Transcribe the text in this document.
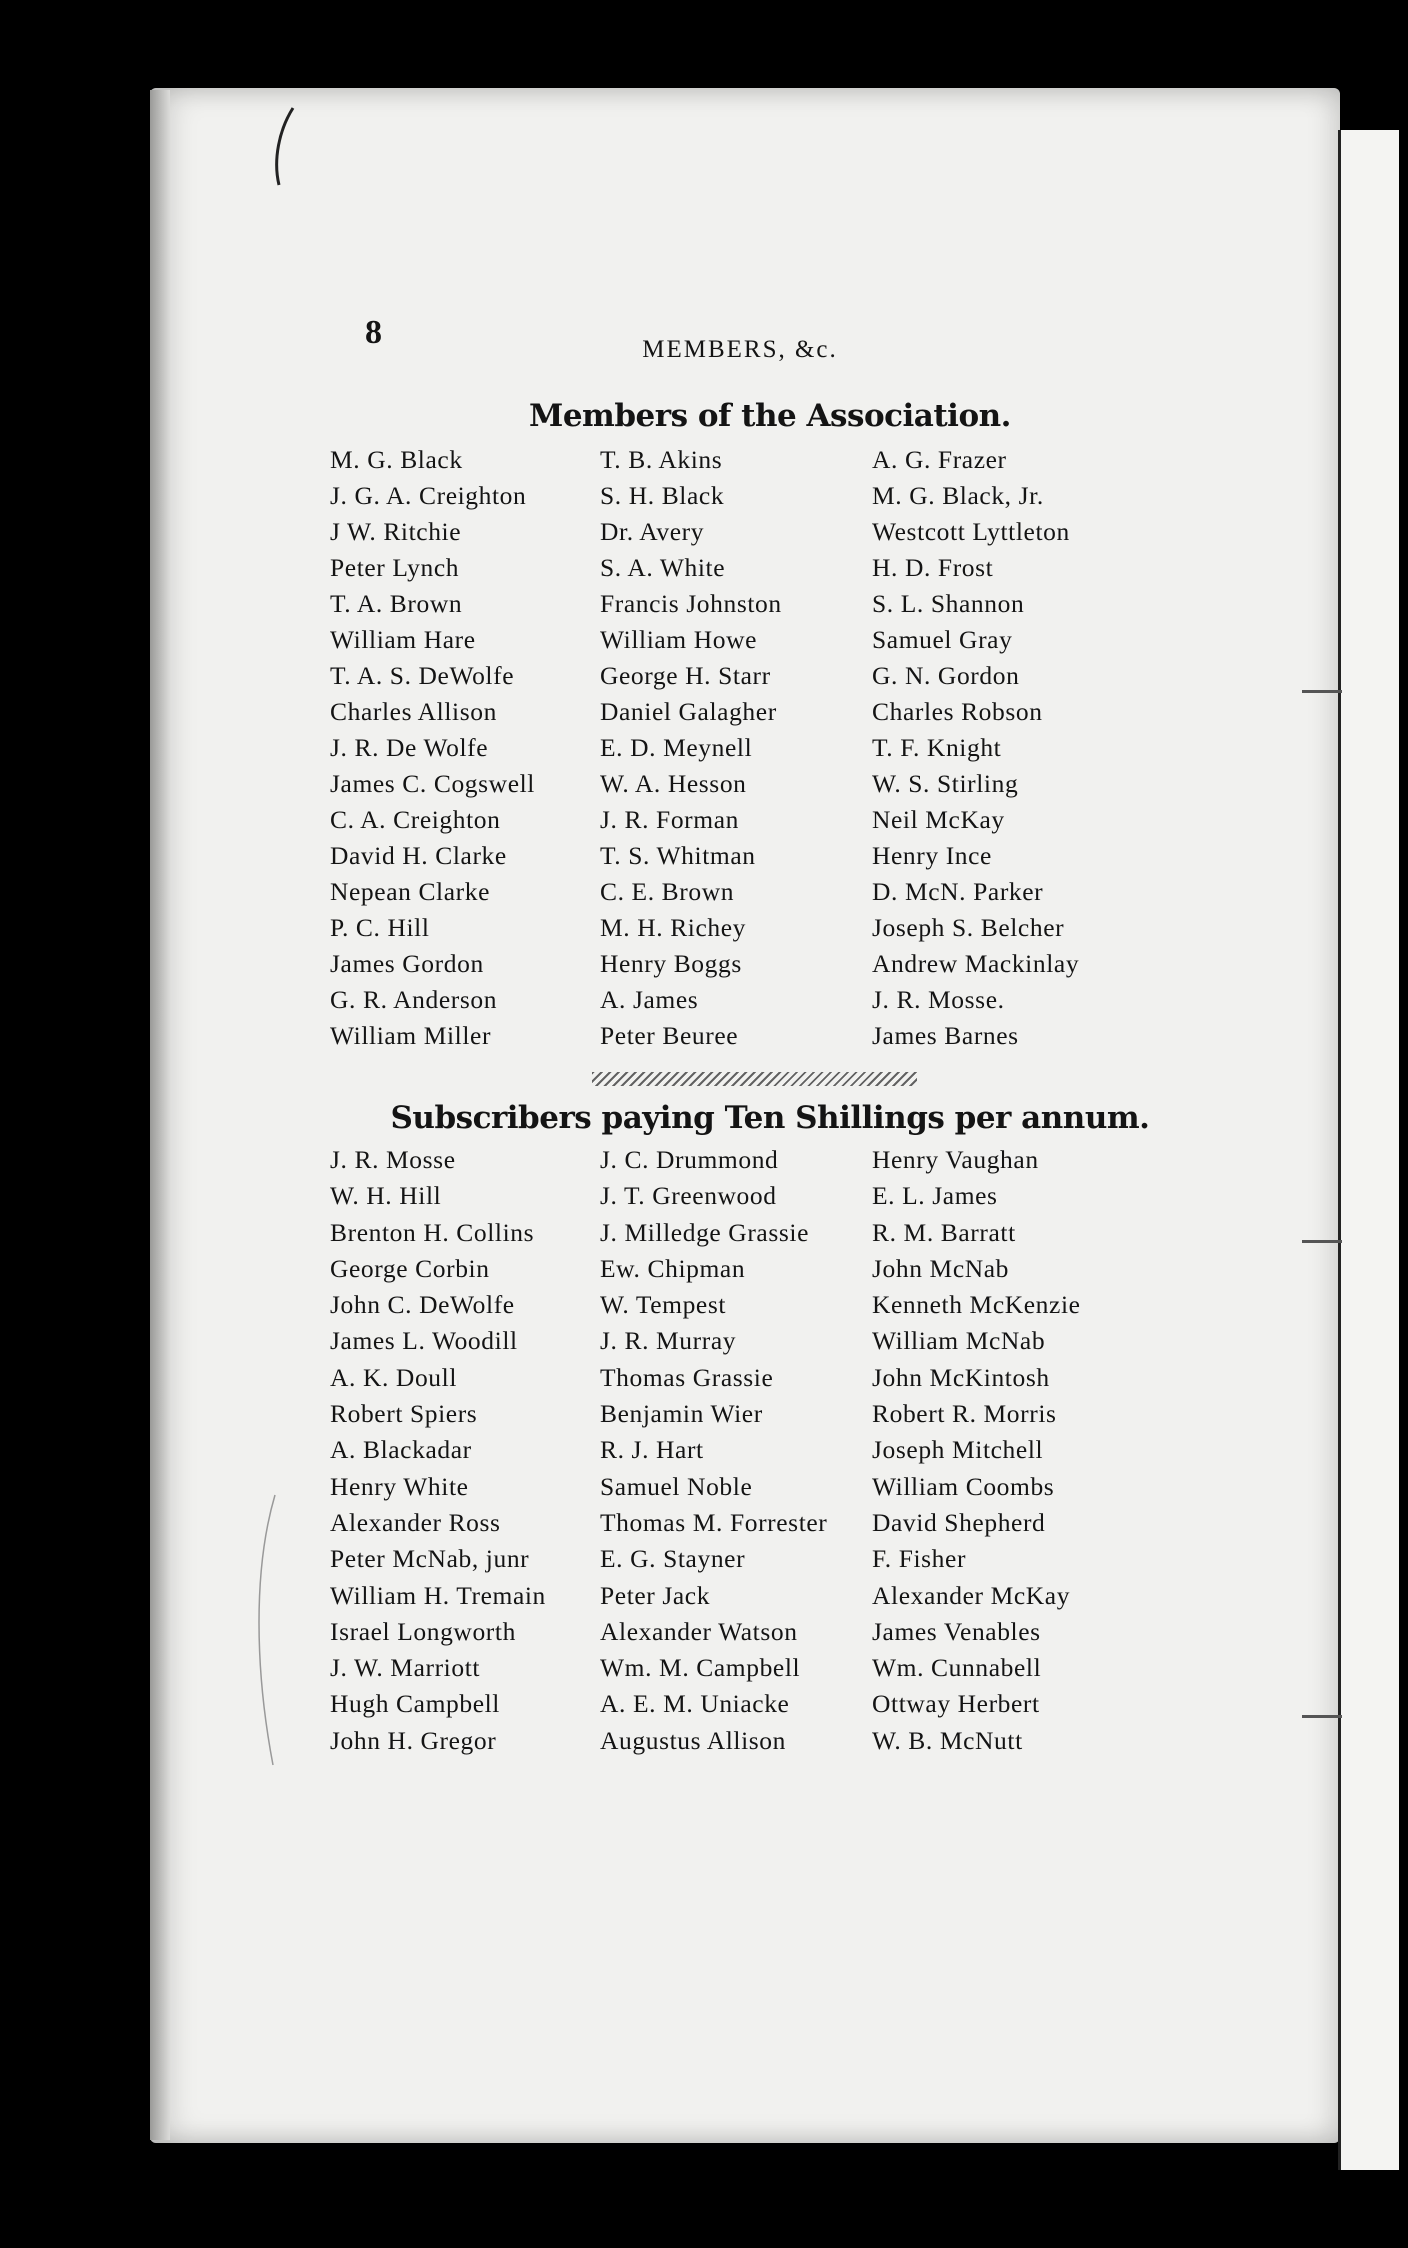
8	MEMBERS, &c.
Members of the Association.
M. G. Black
J. G. A. Creighton
J W. Ritchie
Peter Lynch
T. A. Brown
William Hare
T. A. S. DeWolfe
Charles Allison
J. R. De Wolfe
James C. Cogswell
C. A. Creighton
David H. Clarke
Nepean Clarke
P. C. Hill
James Gordon
G. R. Anderson
William Miller
T. B. Akins
S. H. Black
Dr. Avery
S. A. White
Francis Johnston
William Howe
George H. Starr
Daniel Galagher
E. D. Meynell
W. A. Hesson
J. R. Forman
T. S. Whitman
C. E. Brown
M. H. Richey
Henry Boggs
A. James
Peter Beuree
A. G. Frazer
M. G. Black, Jr.
Westcott Lyttleton
H. D. Frost
S. L. Shannon
Samuel Gray
G. N. Gordon
Charles Robson
T. F. Knight
W. S. Stirling
Neil McKay
Henry Ince
D. McN. Parker
Joseph S. Belcher
Andrew Mackinlay
J. R. Mosse.
James Barnes
Subscribers paying Ten Shillings per annum.
J. R. Mosse
W. H. Hill
Brenton H. Collins
George Corbin
John C. DeWolfe
James L. Woodill
A. K. Doull
Robert Spiers
A. Blackadar
Henry White
Alexander Ross
Peter McNab, junr
William H. Tremain
Israel Longworth
J. W. Marriott
Hugh Campbell
John H. Gregor
J. C. Drummond
J. T. Greenwood
J. Milledge Grassie
Ew. Chipman
W. Tempest
J. R. Murray
Thomas Grassie
Benjamin Wier
R. J. Hart
Samuel Noble
Thomas M. Forrester
E. G. Stayner
Peter Jack
Alexander Watson
Wm. M. Campbell
A. E. M. Uniacke
Augustus Allison
Henry Vaughan
E. L. James
R. M. Barratt
John McNab
Kenneth McKenzie
William McNab
John McKintosh
Robert R. Morris
Joseph Mitchell
William Coombs
David Shepherd
F. Fisher
Alexander McKay
James Venables
Wm. Cunnabell
Ottway Herbert
W. B. McNutt
